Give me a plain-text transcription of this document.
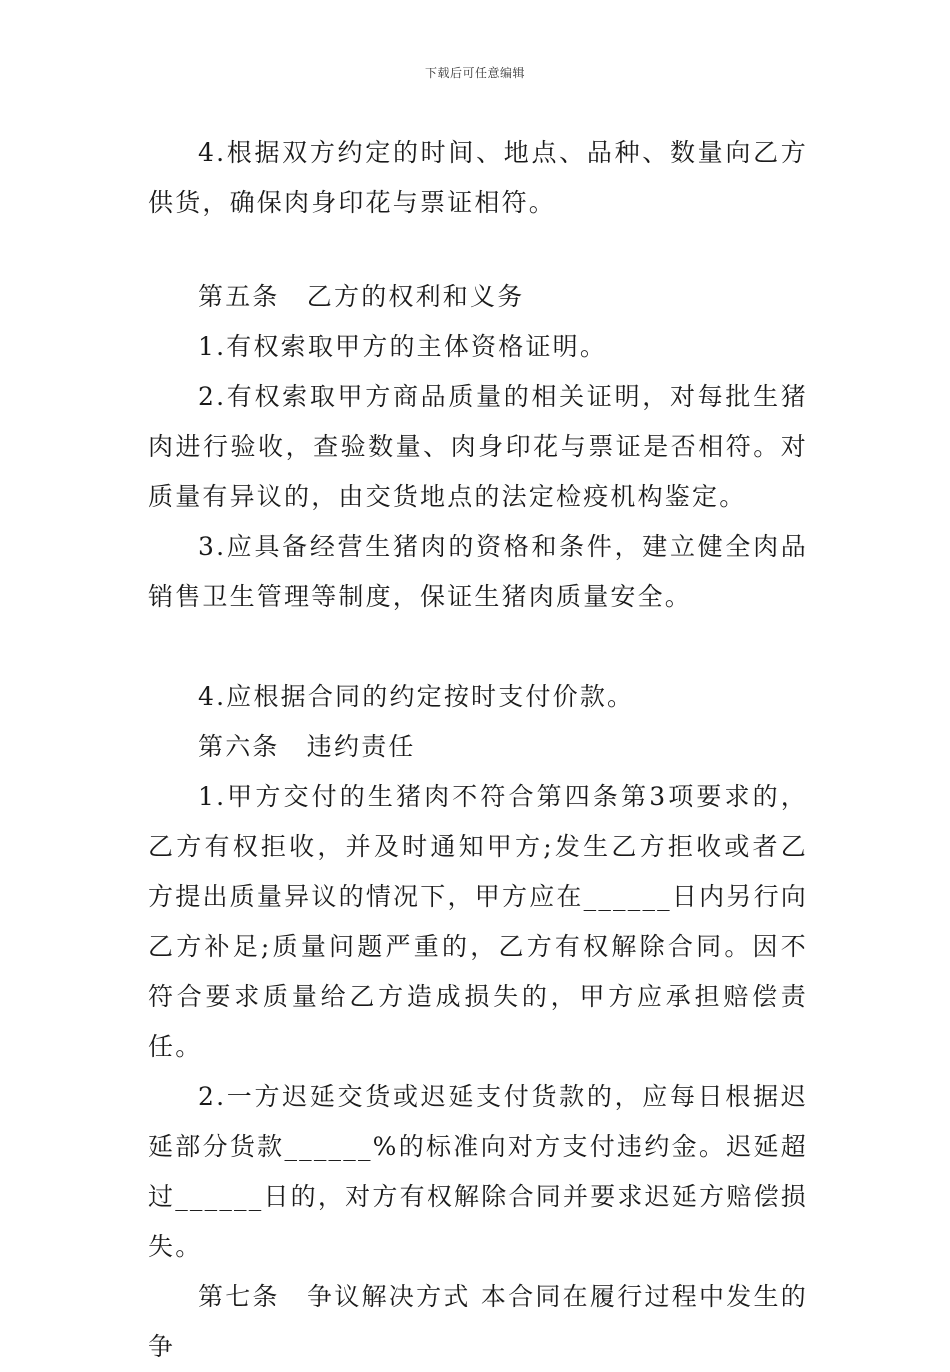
下载后可任意编辑

4.根据双方约定的时间、地点、品种、数量向乙方供货，确保肉身印花与票证相符。

第五条　乙方的权利和义务

1.有权索取甲方的主体资格证明。

2.有权索取甲方商品质量的相关证明，对每批生猪肉进行验收，查验数量、肉身印花与票证是否相符。对质量有异议的，由交货地点的法定检疫机构鉴定。

3.应具备经营生猪肉的资格和条件，建立健全肉品销售卫生管理等制度，保证生猪肉质量安全。

4.应根据合同的约定按时支付价款。

第六条　违约责任

1.甲方交付的生猪肉不符合第四条第3项要求的，乙方有权拒收，并及时通知甲方;发生乙方拒收或者乙方提出质量异议的情况下，甲方应在______日内另行向乙方补足;质量问题严重的，乙方有权解除合同。因不符合要求质量给乙方造成损失的，甲方应承担赔偿责任。

2.一方迟延交货或迟延支付货款的，应每日根据迟延部分货款______%的标准向对方支付违约金。迟延超过______日的，对方有权解除合同并要求迟延方赔偿损失。

第七条　争议解决方式 本合同在履行过程中发生的争
